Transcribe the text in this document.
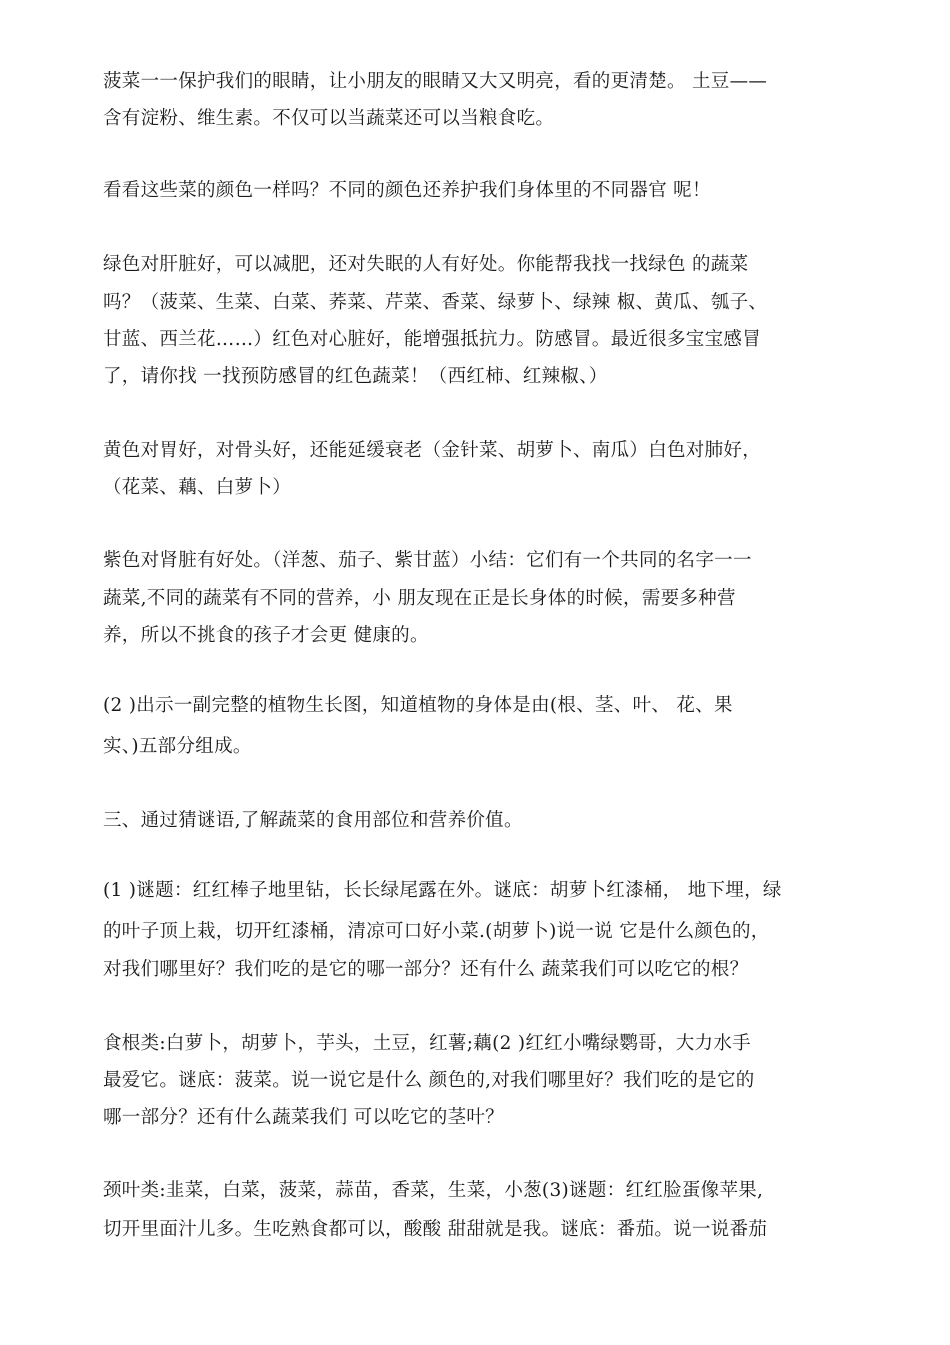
菠菜一一保护我们的眼睛，让小朋友的眼睛又大又明亮，看的更清楚。 土豆——
含有淀粉、维生素。不仅可以当蔬菜还可以当粮食吃。
看看这些菜的颜色一样吗？不同的颜色还养护我们身体里的不同器官 呢！
绿色对肝脏好，可以减肥，还对失眠的人有好处。你能帮我找一找绿色 的蔬菜
吗？（菠菜、生菜、白菜、荞菜、芹菜、香菜、绿萝卜、绿辣 椒、黄瓜、瓠子、
甘蓝、西兰花……）红色对心脏好，能增强抵抗力。防感冒。最近很多宝宝感冒
了，请你找 一找预防感冒的红色蔬菜！（西红柿、红辣椒、）
黄色对胃好，对骨头好，还能延缓衰老（金针菜、胡萝卜、南瓜）白色对肺好，
（花菜、藕、白萝卜）
紫色对肾脏有好处。（洋葱、茄子、紫甘蓝）小结：它们有一个共同的名字一一
蔬菜,不同的蔬菜有不同的营养，小 朋友现在正是长身体的时候，需要多种营
养，所以不挑食的孩子才会更 健康的。
(2 )出示一副完整的植物生长图，知道植物的身体是由(根、茎、叶、 花、果
实、)五部分组成。
三、通过猜谜语,了解蔬菜的食用部位和营养价值。
(1 )谜题：红红棒子地里钻，长长绿尾露在外。谜底：胡萝卜红漆桶， 地下埋，绿
的叶子顶上栽，切开红漆桶，清凉可口好小菜.(胡萝卜)说一说 它是什么颜色的，
对我们哪里好？我们吃的是它的哪一部分？还有什么 蔬菜我们可以吃它的根？
食根类:白萝卜，胡萝卜，芋头，土豆，红薯;藕(2 )红红小嘴绿鹦哥，大力水手
最爱它。谜底：菠菜。说一说它是什么 颜色的,对我们哪里好？我们吃的是它的
哪一部分？还有什么蔬菜我们 可以吃它的茎叶？
颈叶类:韭菜，白菜，菠菜，蒜苗，香菜，生菜，小葱(3)谜题：红红脸蛋像苹果,
切开里面汁儿多。生吃熟食都可以，酸酸 甜甜就是我。谜底：番茄。说一说番茄
